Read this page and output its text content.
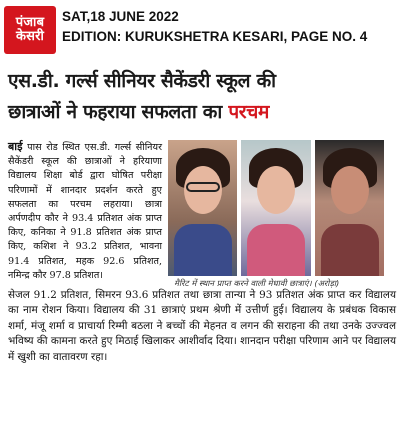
पंजाब
केसरी
SAT,18 JUNE 2022
EDITION: KURUKSHETRA KESARI, PAGE NO. 4
एस.डी. गर्ल्स सीनियर सैकेंडरी स्कूल की
छात्राओं ने फहराया सफलता का परचम
बाई पास रोड स्थित एस.डी. गर्ल्स सीनियर सैकेंडरी स्कूल की छात्राओं ने हरियाणा विद्यालय शिक्षा बोर्ड द्वारा घोषित परीक्षा परिणामों में शानदार प्रदर्शन करते हुए सफलता का परचम लहराया। छात्रा अर्पणदीप कौर ने 93.4 प्रतिशत अंक प्राप्त किए, कनिका ने 91.8 प्रतिशत अंक प्राप्त किए, कशिश ने 93.2 प्रतिशत, भावना 91.4 प्रतिशत, महक 92.6 प्रतिशत, नमिन्द्र कौर 97.8 प्रतिशत।
मैरिट में स्थान प्राप्त करने वाली मेधावी छात्राएं। (अरोड़ा)
सेजल 91.2 प्रतिशत, सिमरन 93.6 प्रतिशत तथा छात्रा तान्या ने 93 प्रतिशत अंक प्राप्त कर विद्यालय का नाम रोशन किया। विद्यालय की 31 छात्राएं प्रथम श्रेणी में उत्तीर्ण हुई। विद्यालय के प्रबंधक विकास शर्मा, मंजू शर्मा व प्राचार्या रिम्मी बठला ने बच्चों की मेहनत व लगन की सराहना की तथा उनके उज्ज्वल भविष्य की कामना करते हुए मिठाई खिलाकर आशीर्वाद दिया। शानदान परीक्षा परिणाम आने पर विद्यालय में खुशी का वातावरण रहा।
